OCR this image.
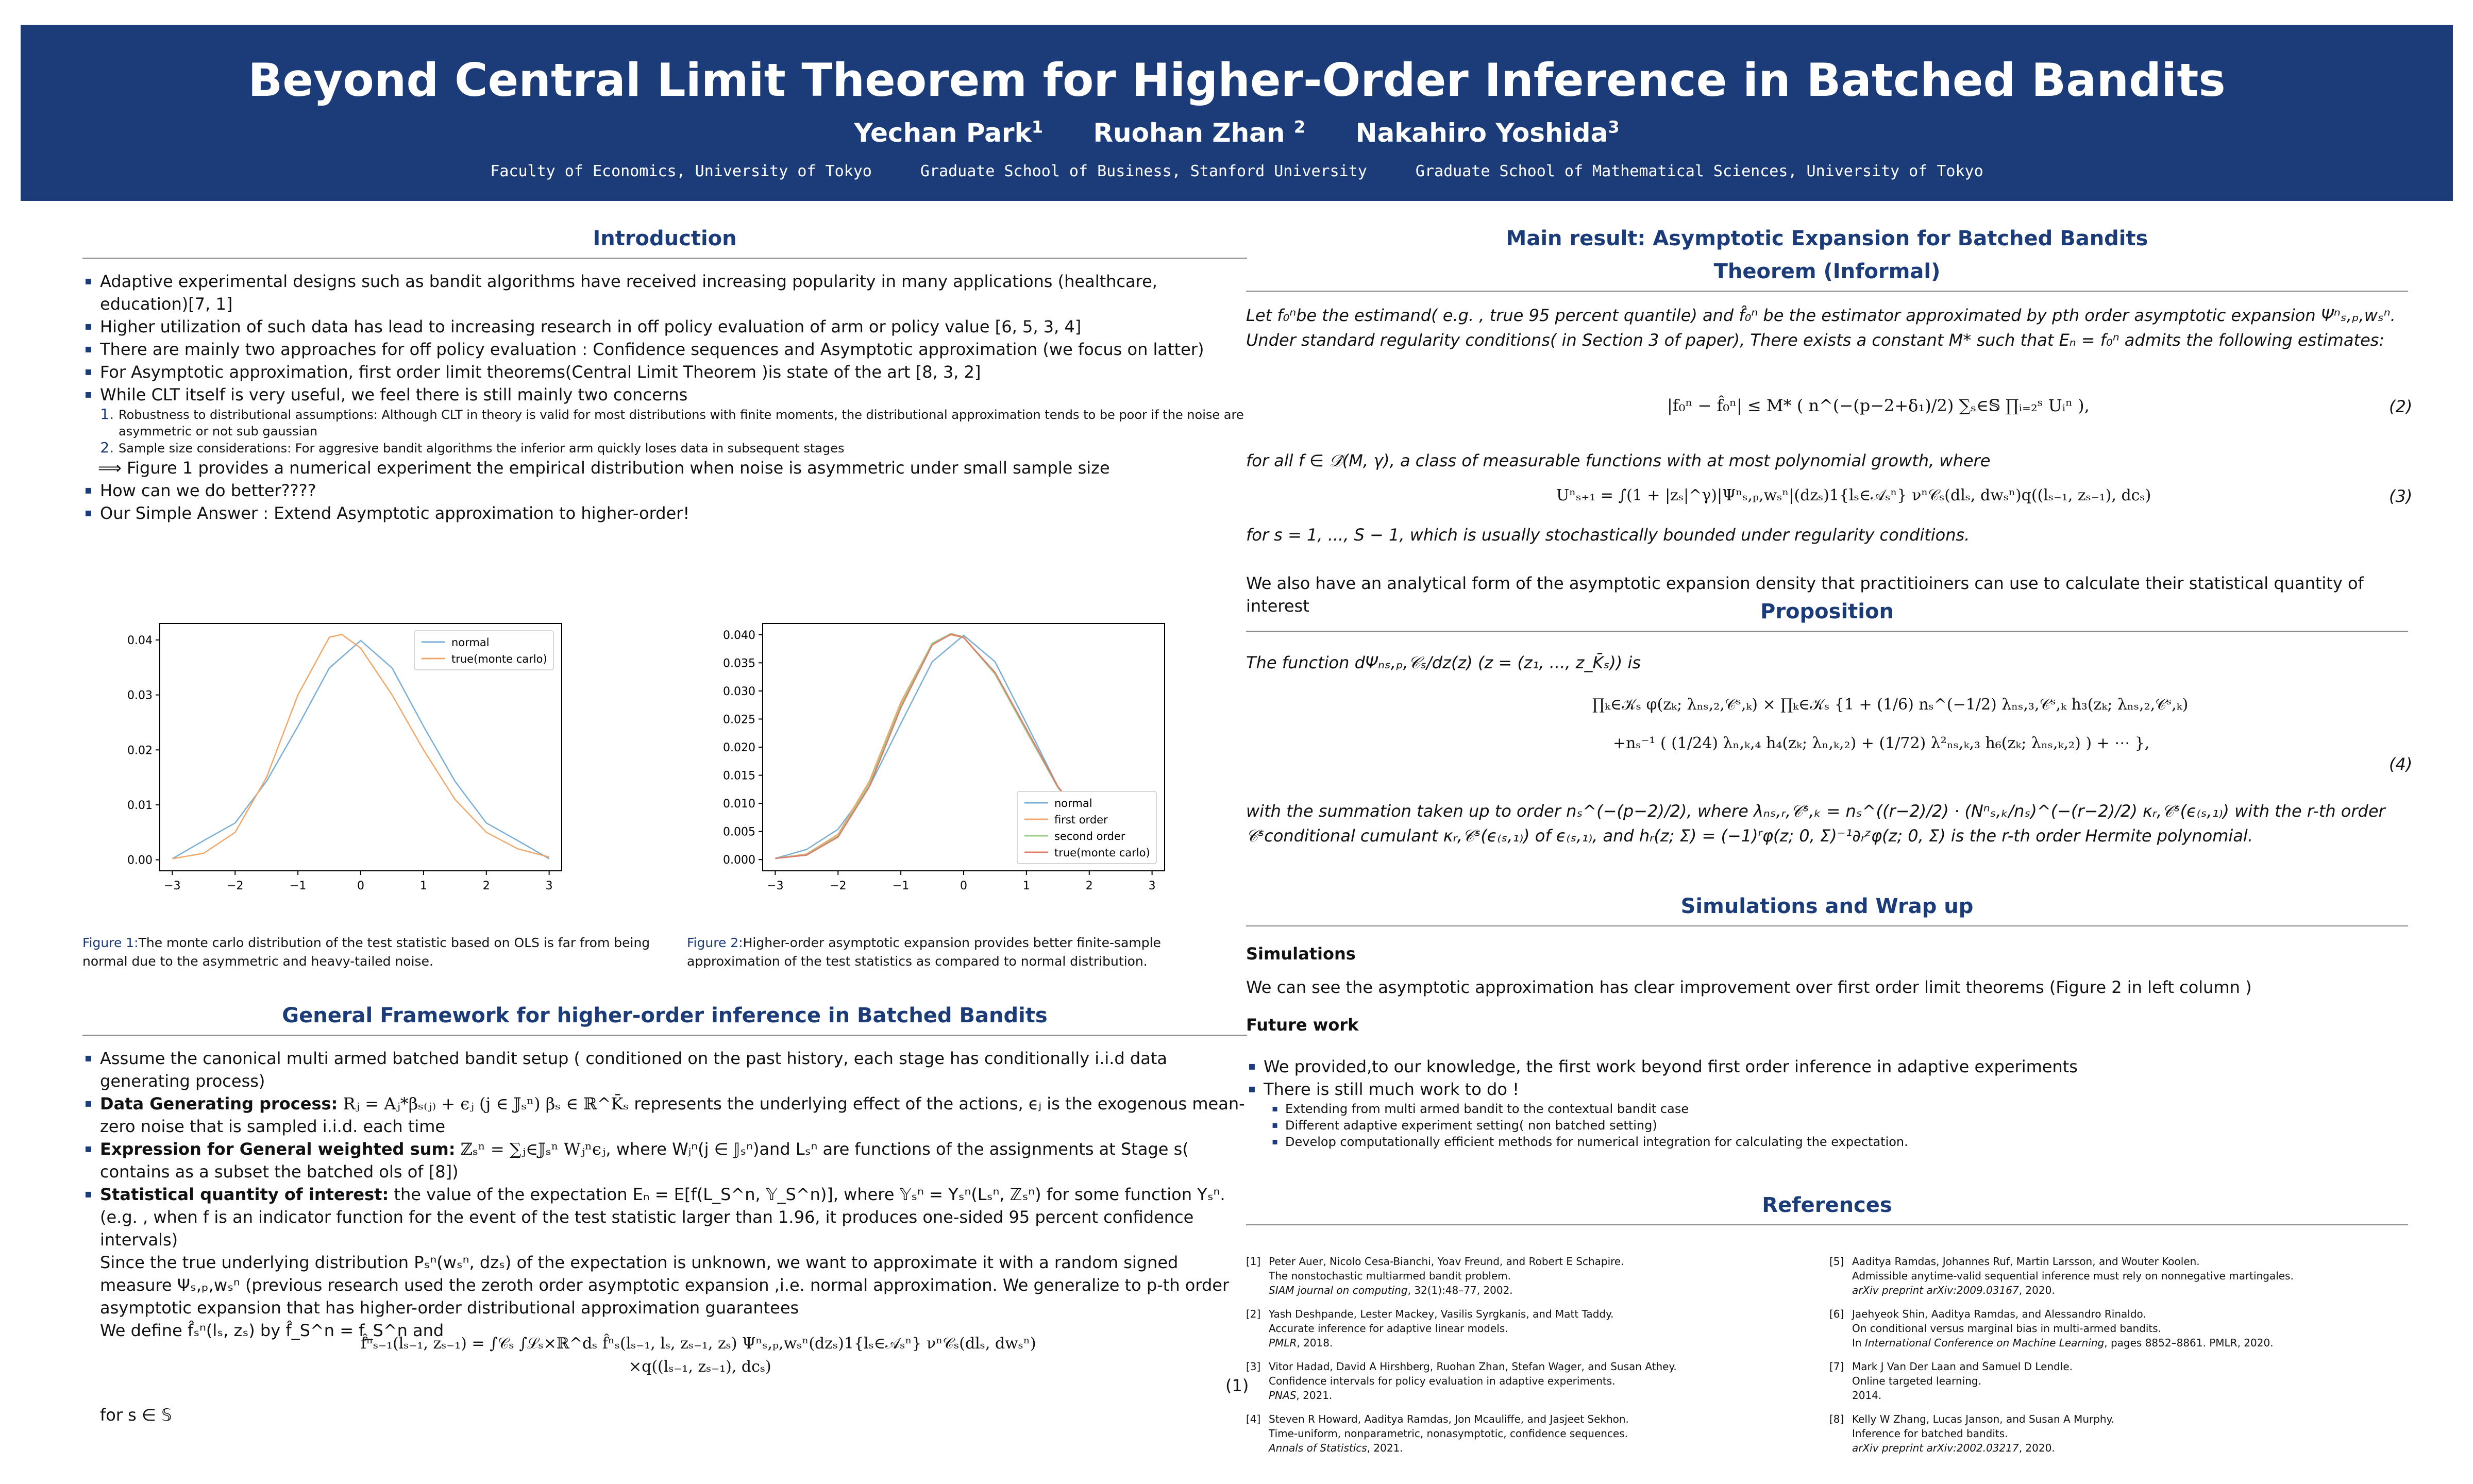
Beyond Central Limit Theorem for Higher-Order Inference in Batched Bandits
Yechan Park$^1$ Ruohan Zhan $^2$ Nakahiro Yoshida$^3$
Faculty of Economics, University of Tokyo	Graduate School of Business, Stanford University	Graduate School of Mathematical Sciences, University of Tokyo
Introduction
▪ Adaptive experimental designs such as bandit algorithms have received increasing popularity in many applications (healthcare, education)[7, 1]
▪ Higher utilization of such data has lead to increasing research in off policy evaluation of arm or policy value [6, 5, 3, 4]
▪ There are mainly two approaches for off policy evaluation : Confidence sequences and Asymptotic approximation (we focus on latter)
▪ For Asymptotic approximation, first order limit theorems(Central Limit Theorem )is state of the art [8, 3, 2]
▪ While CLT itself is very useful, we feel there is still mainly two concerns
1. Robustness to distributional assumptions: Although CLT in theory is valid for most distributions with finite moments, the distributional approximation tends to be poor if the noise are asymmetric or not sub gaussian
2. Sample size considerations: For aggresive bandit algorithms the inferior arm quickly loses data in subsequent stages
⟹ Figure 1 provides a numerical experiment the empirical distribution when noise is asymmetric under small sample size
▪ How can we do better????
▪ Our Simple Answer : Extend Asymptotic approximation to higher-order!
−3	−2	−1	0	1	2	3
0.00
0.01
0.02
0.03
0.04	normal
true(monte carlo)
Figure 1:The monte carlo distribution of the test statistic based on OLS is far from being normal due to the asymmetric and heavy-tailed noise.
−3	−2	−1	0	1	2	3
0.000
0.005
0.010
0.015
0.020
0.025
0.030
0.035
0.040
normal
first order
second order
true(monte carlo)
Figure 2:Higher-order asymptotic expansion provides better finite-sample approximation of the test statistics as compared to normal distribution.
General Framework for higher-order inference in Batched Bandits
▪ Assume the canonical multi armed batched bandit setup ( conditioned on the past history, each stage has conditionally i.i.d data generating process)
▪ Data Generating process: Rⱼ = Aⱼ*βₛ₍ⱼ₎ + ϵⱼ (j ∈ 𝕁ₛⁿ) βₛ ∈ ℝ^K̄ₛ represents the underlying effect of the actions, ϵⱼ is the exogenous mean-zero noise that is sampled i.i.d. each time
▪ Expression for General weighted sum: ℤₛⁿ = ∑ⱼ∈𝕁ₛⁿ Wⱼⁿϵⱼ, where Wⱼⁿ(j ∈ 𝕁ₛⁿ)and Lₛⁿ are functions of the assignments at Stage s( contains as a subset the batched ols of [8])
▪ Statistical quantity of interest: the value of the expectation Eₙ = E[f(L_S^n, 𝕐_S^n)], where 𝕐ₛⁿ = Yₛⁿ(Lₛⁿ, ℤₛⁿ) for some function Yₛⁿ. (e.g. , when f is an indicator function for the event of the test statistic larger than 1.96, it produces one-sided 95 percent confidence intervals)
Since the true underlying distribution Pₛⁿ(wₛⁿ, dzₛ) of the expectation is unknown, we want to approximate it with a random signed measure Ψₛ,ₚ,wₛⁿ (previous research used the zeroth order asymptotic expansion ,i.e. normal approximation. We generalize to p-th order asymptotic expansion that has higher-order distributional approximation guarantees
We define f̂ₛⁿ(lₛ, zₛ) by f̂_S^n = f_S^n and
f̂ⁿₛ₋₁(lₛ₋₁, zₛ₋₁) = ∫𝒞ₛ ∫ℒₛ×ℝ^dₛ f̂ⁿₛ(lₛ₋₁, lₛ, zₛ₋₁, zₛ) Ψⁿₛ,ₚ,wₛⁿ(dzₛ)1{lₛ∈𝒜ₛⁿ} νⁿ𝒞ₛ(dlₛ, dwₛⁿ)
×q((lₛ₋₁, zₛ₋₁), dcₛ)
(1)
for s ∈ 𝕊
Main result: Asymptotic Expansion for Batched Bandits
Theorem (Informal)
Let f₀ⁿbe the estimand( e.g. , true 95 percent quantile) and f̂₀ⁿ be the estimator approximated by pth order asymptotic expansion Ψⁿₛ,ₚ,wₛⁿ. Under standard regularity conditions( in Section 3 of paper), There exists a constant M* such that Eₙ = f₀ⁿ admits the following estimates:
|f₀ⁿ − f̂₀ⁿ| ≤ M* ( n^(−(p−2+δ₁)/2) ∑ₛ∈𝕊 ∏ᵢ₌₂ˢ Uᵢⁿ ),	(2)
for all f ∈ 𝒟̂(M, γ), a class of measurable functions with at most polynomial growth, where
Uⁿₛ₊₁ = ∫(1 + |zₛ|^γ)|Ψⁿₛ,ₚ,wₛⁿ|(dzₛ)1{lₛ∈𝒜ₛⁿ} νⁿ𝒞ₛ(dlₛ, dwₛⁿ)q((lₛ₋₁, zₛ₋₁), dcₛ)	(3)
for s = 1, ..., S − 1, which is usually stochastically bounded under regularity conditions.
We also have an analytical form of the asymptotic expansion density that practitioiners can use to calculate their statistical quantity of interest	Proposition
The function dΨₙₛ,ₚ,𝒞ₛ/dz(z) (z = (z₁, ..., z_K̄ₛ)) is
∏ₖ∈𝒦ₛ φ(zₖ; λₙₛ,₂,𝒞ˢ,ₖ) × ∏ₖ∈𝒦ₛ {1 + (1/6) nₛ^(−1/2) λₙₛ,₃,𝒞ˢ,ₖ h₃(zₖ; λₙₛ,₂,𝒞ˢ,ₖ)
+nₛ⁻¹ ( (1/24) λₙ,ₖ,₄ h₄(zₖ; λₙ,ₖ,₂) + (1/72) λ²ₙₛ,ₖ,₃ h₆(zₖ; λₙₛ,ₖ,₂) ) + ⋯ },
(4)
with the summation taken up to order nₛ^(−(p−2)/2), where λₙₛ,ᵣ,𝒞ˢ,ₖ = nₛ^((r−2)/2) · (Nⁿₛ,ₖ/nₛ)^(−(r−2)/2) κᵣ,𝒞ˢ(ϵ₍ₛ,₁₎) with the r-th order 𝒞ˢconditional cumulant κᵣ,𝒞ˢ(ϵ₍ₛ,₁₎) of ϵ₍ₛ,₁₎, and hᵣ(z; Σ) = (−1)ʳφ(z; 0, Σ)⁻¹∂ᵣᶻφ(z; 0, Σ) is the r-th order Hermite polynomial.
Simulations and Wrap up
Simulations
We can see the asymptotic approximation has clear improvement over first order limit theorems (Figure 2 in left column )
Future work
▪ We provided,to our knowledge, the first work beyond first order inference in adaptive experiments
▪ There is still much work to do !
▪ Extending from multi armed bandit to the contextual bandit case
▪ Different adaptive experiment setting( non batched setting)
▪ Develop computationally efficient methods for numerical integration for calculating the expectation.
References
[1] Peter Auer, Nicolo Cesa-Bianchi, Yoav Freund, and Robert E Schapire.
The nonstochastic multiarmed bandit problem.
SIAM journal on computing, 32(1):48–77, 2002.
[2] Yash Deshpande, Lester Mackey, Vasilis Syrgkanis, and Matt Taddy.
Accurate inference for adaptive linear models.
PMLR, 2018.
[3] Vitor Hadad, David A Hirshberg, Ruohan Zhan, Stefan Wager, and Susan Athey.
Confidence intervals for policy evaluation in adaptive experiments.
PNAS, 2021.
[4] Steven R Howard, Aaditya Ramdas, Jon Mcauliffe, and Jasjeet Sekhon.
Time-uniform, nonparametric, nonasymptotic, confidence sequences.
Annals of Statistics, 2021.
[5] Aaditya Ramdas, Johannes Ruf, Martin Larsson, and Wouter Koolen.
Admissible anytime-valid sequential inference must rely on nonnegative martingales.
arXiv preprint arXiv:2009.03167, 2020.
[6] Jaehyeok Shin, Aaditya Ramdas, and Alessandro Rinaldo.
On conditional versus marginal bias in multi-armed bandits.
In International Conference on Machine Learning, pages 8852–8861. PMLR, 2020.
[7] Mark J Van Der Laan and Samuel D Lendle.
Online targeted learning.
2014.
[8] Kelly W Zhang, Lucas Janson, and Susan A Murphy.
Inference for batched bandits.
arXiv preprint arXiv:2002.03217, 2020.
